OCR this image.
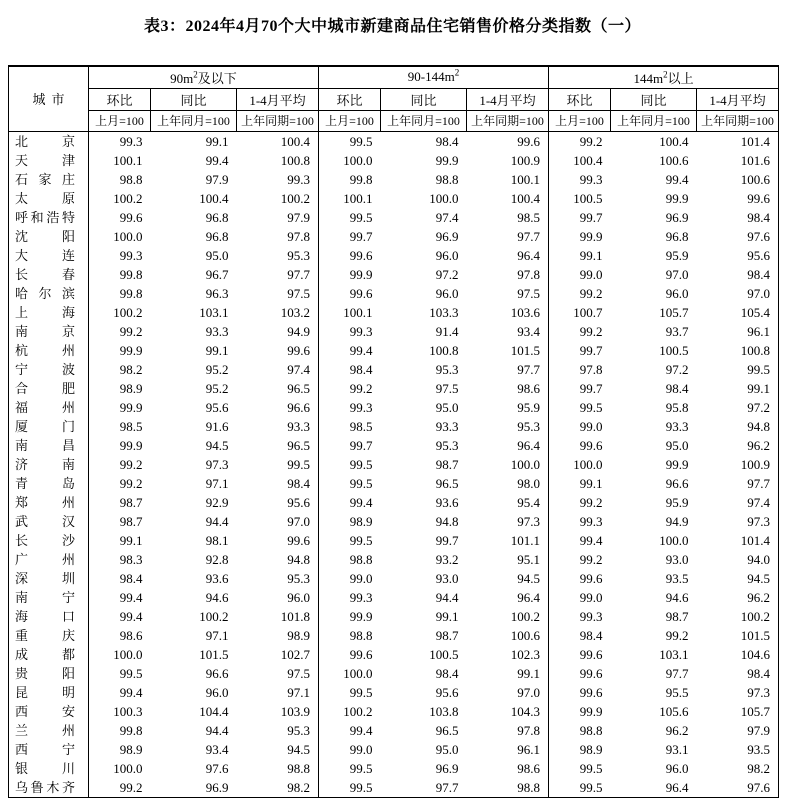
表3：2024年4月70个大中城市新建商品住宅销售价格分类指数（一）
城市	$90m^2$及以下			$90-144m^2$			$144m^2$以上		
	环比	同比	1-4月平均	环比	同比	1-4月平均	环比	同比	1-4月平均
	上月=100	上年同月=100	上年同期=100	上月=100	上年同月=100	上年同期=100	上月=100	上年同月=100	上年同期=100
北京	99.3	99.1	100.4	99.5	98.4	99.6	99.2	100.4	101.4
天津	100.1	99.4	100.8	100.0	99.9	100.9	100.4	100.6	101.6
石家庄	98.8	97.9	99.3	99.8	98.8	100.1	99.3	99.4	100.6
太原	100.2	100.4	100.2	100.1	100.0	100.4	100.5	99.9	99.6
呼和浩特	99.6	96.8	97.9	99.5	97.4	98.5	99.7	96.9	98.4
沈阳	100.0	96.8	97.8	99.7	96.9	97.7	99.9	96.8	97.6
大连	99.3	95.0	95.3	99.6	96.0	96.4	99.1	95.9	95.6
长春	99.8	96.7	97.7	99.9	97.2	97.8	99.0	97.0	98.4
哈尔滨	99.8	96.3	97.5	99.6	96.0	97.5	99.2	96.0	97.0
上海	100.2	103.1	103.2	100.1	103.3	103.6	100.7	105.7	105.4
南京	99.2	93.3	94.9	99.3	91.4	93.4	99.2	93.7	96.1
杭州	99.9	99.1	99.6	99.4	100.8	101.5	99.7	100.5	100.8
宁波	98.2	95.2	97.4	98.4	95.3	97.7	97.8	97.2	99.5
合肥	98.9	95.2	96.5	99.2	97.5	98.6	99.7	98.4	99.1
福州	99.9	95.6	96.6	99.3	95.0	95.9	99.5	95.8	97.2
厦门	98.5	91.6	93.3	98.5	93.3	95.3	99.0	93.3	94.8
南昌	99.9	94.5	96.5	99.7	95.3	96.4	99.6	95.0	96.2
济南	99.2	97.3	99.5	99.5	98.7	100.0	100.0	99.9	100.9
青岛	99.2	97.1	98.4	99.5	96.5	98.0	99.1	96.6	97.7
郑州	98.7	92.9	95.6	99.4	93.6	95.4	99.2	95.9	97.4
武汉	98.7	94.4	97.0	98.9	94.8	97.3	99.3	94.9	97.3
长沙	99.1	98.1	99.6	99.5	99.7	101.1	99.4	100.0	101.4
广州	98.3	92.8	94.8	98.8	93.2	95.1	99.2	93.0	94.0
深圳	98.4	93.6	95.3	99.0	93.0	94.5	99.6	93.5	94.5
南宁	99.4	94.6	96.0	99.3	94.4	96.4	99.0	94.6	96.2
海口	99.4	100.2	101.8	99.9	99.1	100.2	99.3	98.7	100.2
重庆	98.6	97.1	98.9	98.8	98.7	100.6	98.4	99.2	101.5
成都	100.0	101.5	102.7	99.6	100.5	102.3	99.6	103.1	104.6
贵阳	99.5	96.6	97.5	100.0	98.4	99.1	99.6	97.7	98.4
昆明	99.4	96.0	97.1	99.5	95.6	97.0	99.6	95.5	97.3
西安	100.3	104.4	103.9	100.2	103.8	104.3	99.9	105.6	105.7
兰州	99.8	94.4	95.3	99.4	96.5	97.8	98.8	96.2	97.9
西宁	98.9	93.4	94.5	99.0	95.0	96.1	98.9	93.1	93.5
银川	100.0	97.6	98.8	99.5	96.9	98.6	99.5	96.0	98.2
乌鲁木齐	99.2	96.9	98.2	99.5	97.7	98.8	99.5	96.4	97.6
